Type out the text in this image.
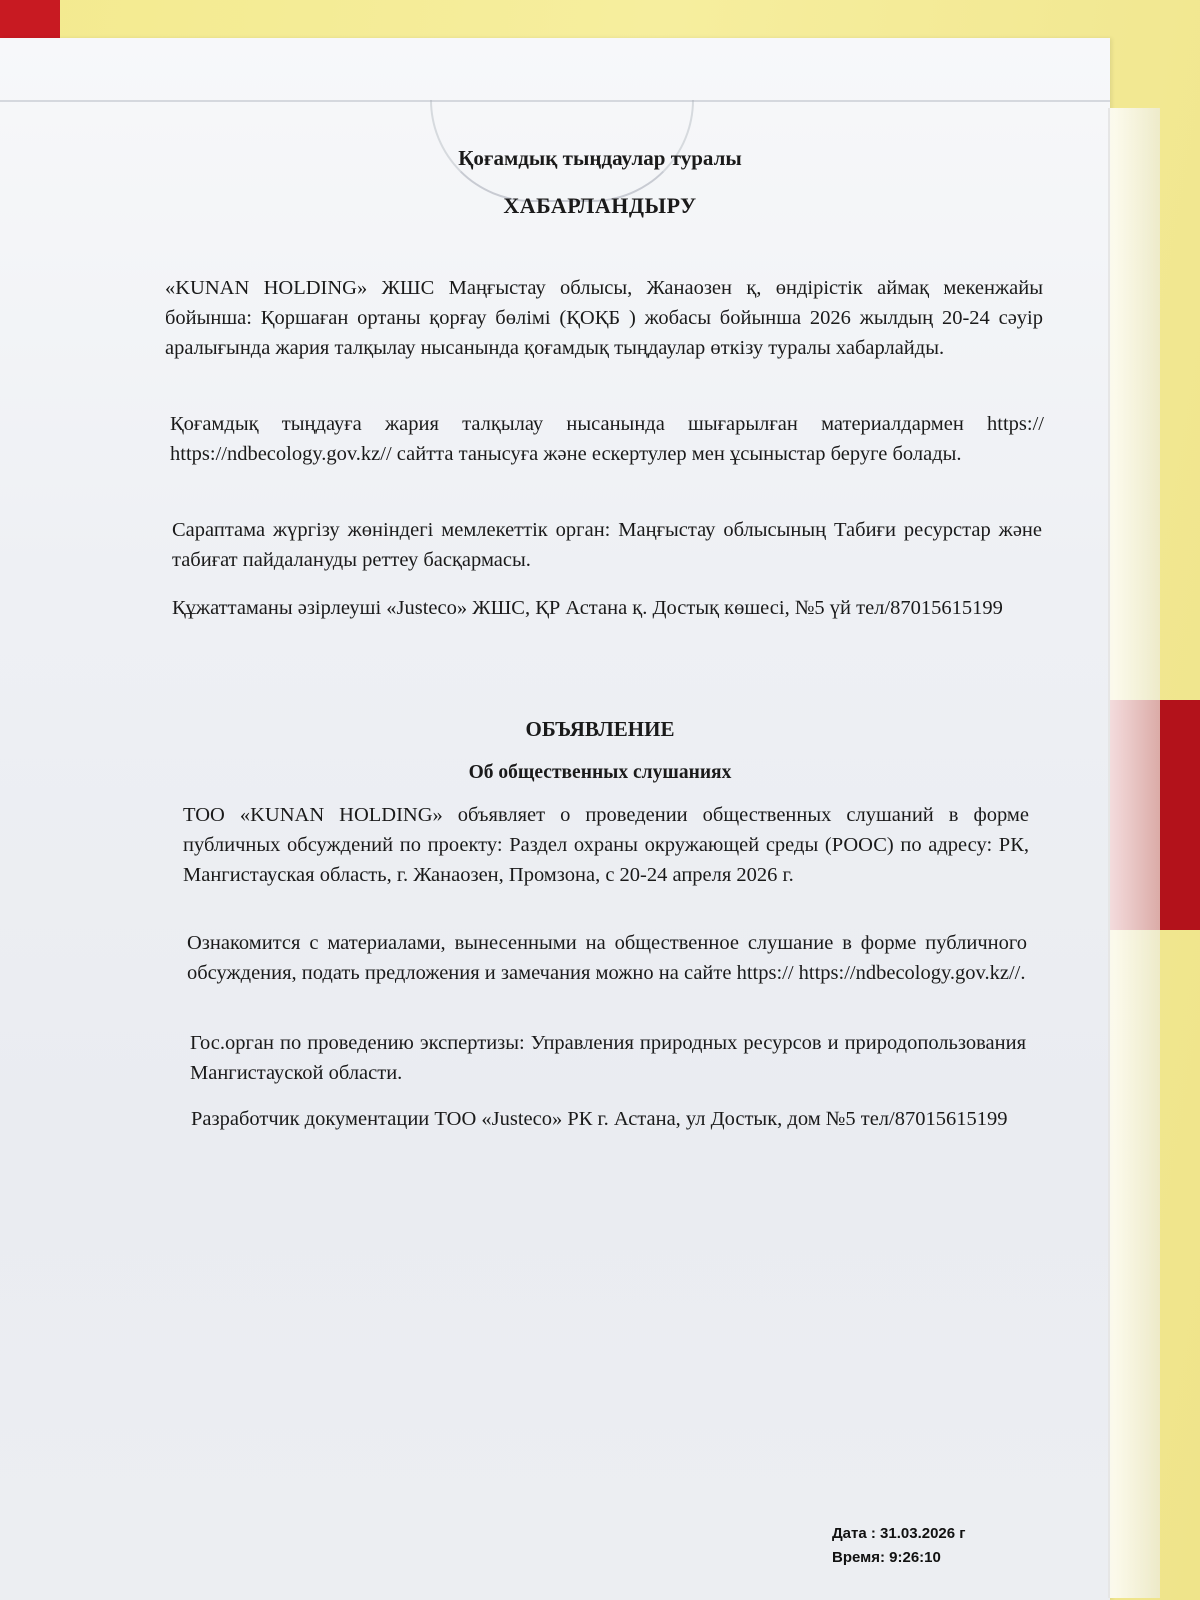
Қоғамдық тыңдаулар туралы
ХАБАРЛАНДЫРУ
«KUNAN HOLDING» ЖШС Маңғыстау облысы, Жанаозен қ, өндірістік аймақ мекенжайы бойынша: Қоршаған ортаны қорғау бөлімі (ҚОҚБ ) жобасы бойынша 2026 жылдың 20-24 сәуір аралығында жария талқылау нысанында қоғамдық тыңдаулар өткізу туралы хабарлайды.
Қоғамдық тыңдауға жария талқылау нысанында шығарылған материалдармен https:// https://ndbecology.gov.kz// сайтта танысуға және ескертулер мен ұсыныстар беруге болады.
Сараптама жүргізу жөніндегі мемлекеттік орган: Маңғыстау облысының Табиғи ресурстар және табиғат пайдалануды реттеу басқармасы.
Құжаттаманы әзірлеуші «Justeco» ЖШС, ҚР Астана қ. Достық көшесі, №5 үй тел/87015615199
ОБЪЯВЛЕНИЕ
Об общественных слушаниях
ТОО «KUNAN HOLDING» объявляет о проведении общественных слушаний в форме публичных обсуждений по проекту: Раздел охраны окружающей среды (РООС) по адресу: РК, Мангистауская область, г. Жанаозен, Промзона, с 20-24 апреля 2026 г.
Ознакомится с материалами, вынесенными на общественное слушание в форме публичного обсуждения, подать предложения и замечания можно на сайте https:// https://ndbecology.gov.kz//.
Гос.орган по проведению экспертизы: Управления природных ресурсов и природопользования Мангистауской области.
Разработчик документации ТОО «Justeco» РК г. Астана, ул Достык, дом №5 тел/87015615199
Дата : 31.03.2026 г
Время: 9:26:10
